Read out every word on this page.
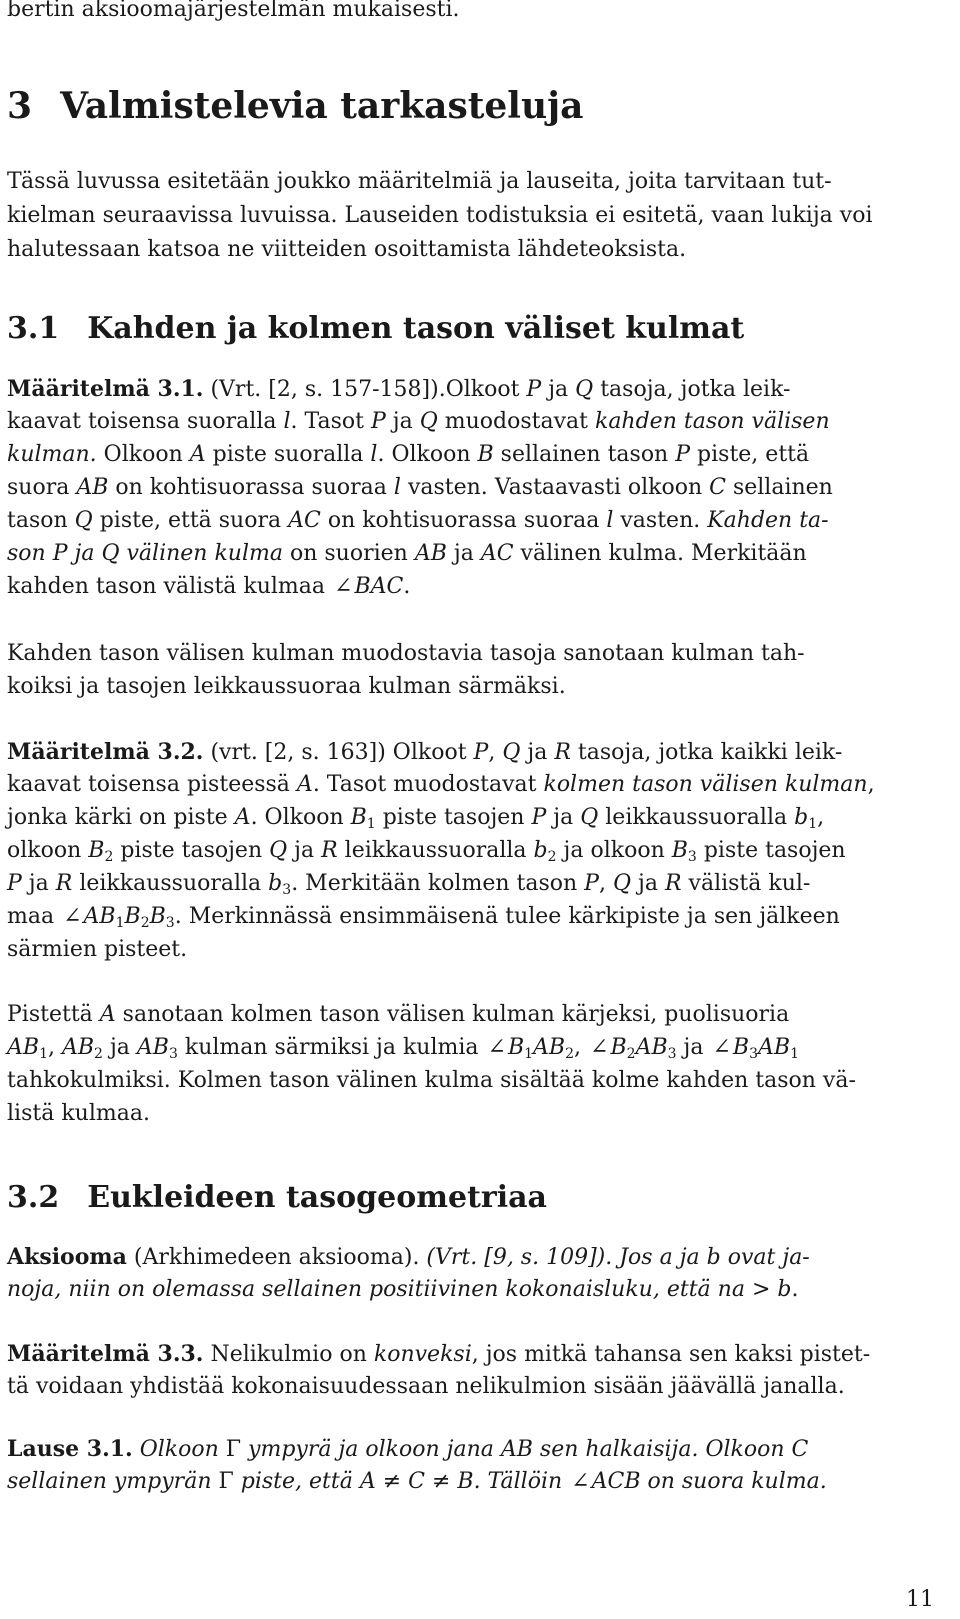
bertin aksioomajärjestelmän mukaisesti.
3 Valmistelevia tarkasteluja
Tässä luvussa esitetään joukko määritelmiä ja lauseita, joita tarvitaan tut-
kielman seuraavissa luvuissa. Lauseiden todistuksia ei esitetä, vaan lukija voi
halutessaan katsoa ne viitteiden osoittamista lähdeteoksista.
3.1 Kahden ja kolmen tason väliset kulmat
Määritelmä 3.1. (Vrt. [2, s. 157-158]).Olkoot P ja Q tasoja, jotka leik-
kaavat toisensa suoralla l. Tasot P ja Q muodostavat kahden tason välisen
kulman. Olkoon A piste suoralla l. Olkoon B sellainen tason P piste, että
suora AB on kohtisuorassa suoraa l vasten. Vastaavasti olkoon C sellainen
tason Q piste, että suora AC on kohtisuorassa suoraa l vasten. Kahden ta-
son P ja Q välinen kulma on suorien AB ja AC välinen kulma. Merkitään
kahden tason välistä kulmaa ∠BAC.
Kahden tason välisen kulman muodostavia tasoja sanotaan kulman tah-
koiksi ja tasojen leikkaussuoraa kulman särmäksi.
Määritelmä 3.2. (vrt. [2, s. 163]) Olkoot P, Q ja R tasoja, jotka kaikki leik-
kaavat toisensa pisteessä A. Tasot muodostavat kolmen tason välisen kulman,
jonka kärki on piste A. Olkoon $B_1$ piste tasojen P ja Q leikkaussuoralla $b_1$,
olkoon $B_2$ piste tasojen Q ja R leikkaussuoralla $b_2$ ja olkoon $B_3$ piste tasojen
P ja R leikkaussuoralla $b_3$. Merkitään kolmen tason P, Q ja R välistä kul-
maa $\angle AB_1B_2B_3$. Merkinnässä ensimmäisenä tulee kärkipiste ja sen jälkeen
särmien pisteet.
Pistettä A sanotaan kolmen tason välisen kulman kärjeksi, puolisuoria
$AB_1$, $AB_2$ ja $AB_3$ kulman särmiksi ja kulmia $\angle B_1AB_2$, $\angle B_2AB_3$ ja $\angle B_3AB_1$
tahkokulmiksi. Kolmen tason välinen kulma sisältää kolme kahden tason vä-
listä kulmaa.
3.2 Eukleideen tasogeometriaa
Aksiooma (Arkhimedeen aksiooma). (Vrt. [9, s. 109]). Jos a ja b ovat ja-
noja, niin on olemassa sellainen positiivinen kokonaisluku, että na > b.
Määritelmä 3.3. Nelikulmio on konveksi, jos mitkä tahansa sen kaksi pistet-
tä voidaan yhdistää kokonaisuudessaan nelikulmion sisään jäävällä janalla.
Lause 3.1. Olkoon Γ ympyrä ja olkoon jana AB sen halkaisija. Olkoon C
sellainen ympyrän Γ piste, että A ≠ C ≠ B. Tällöin ∠ACB on suora kulma.
11
